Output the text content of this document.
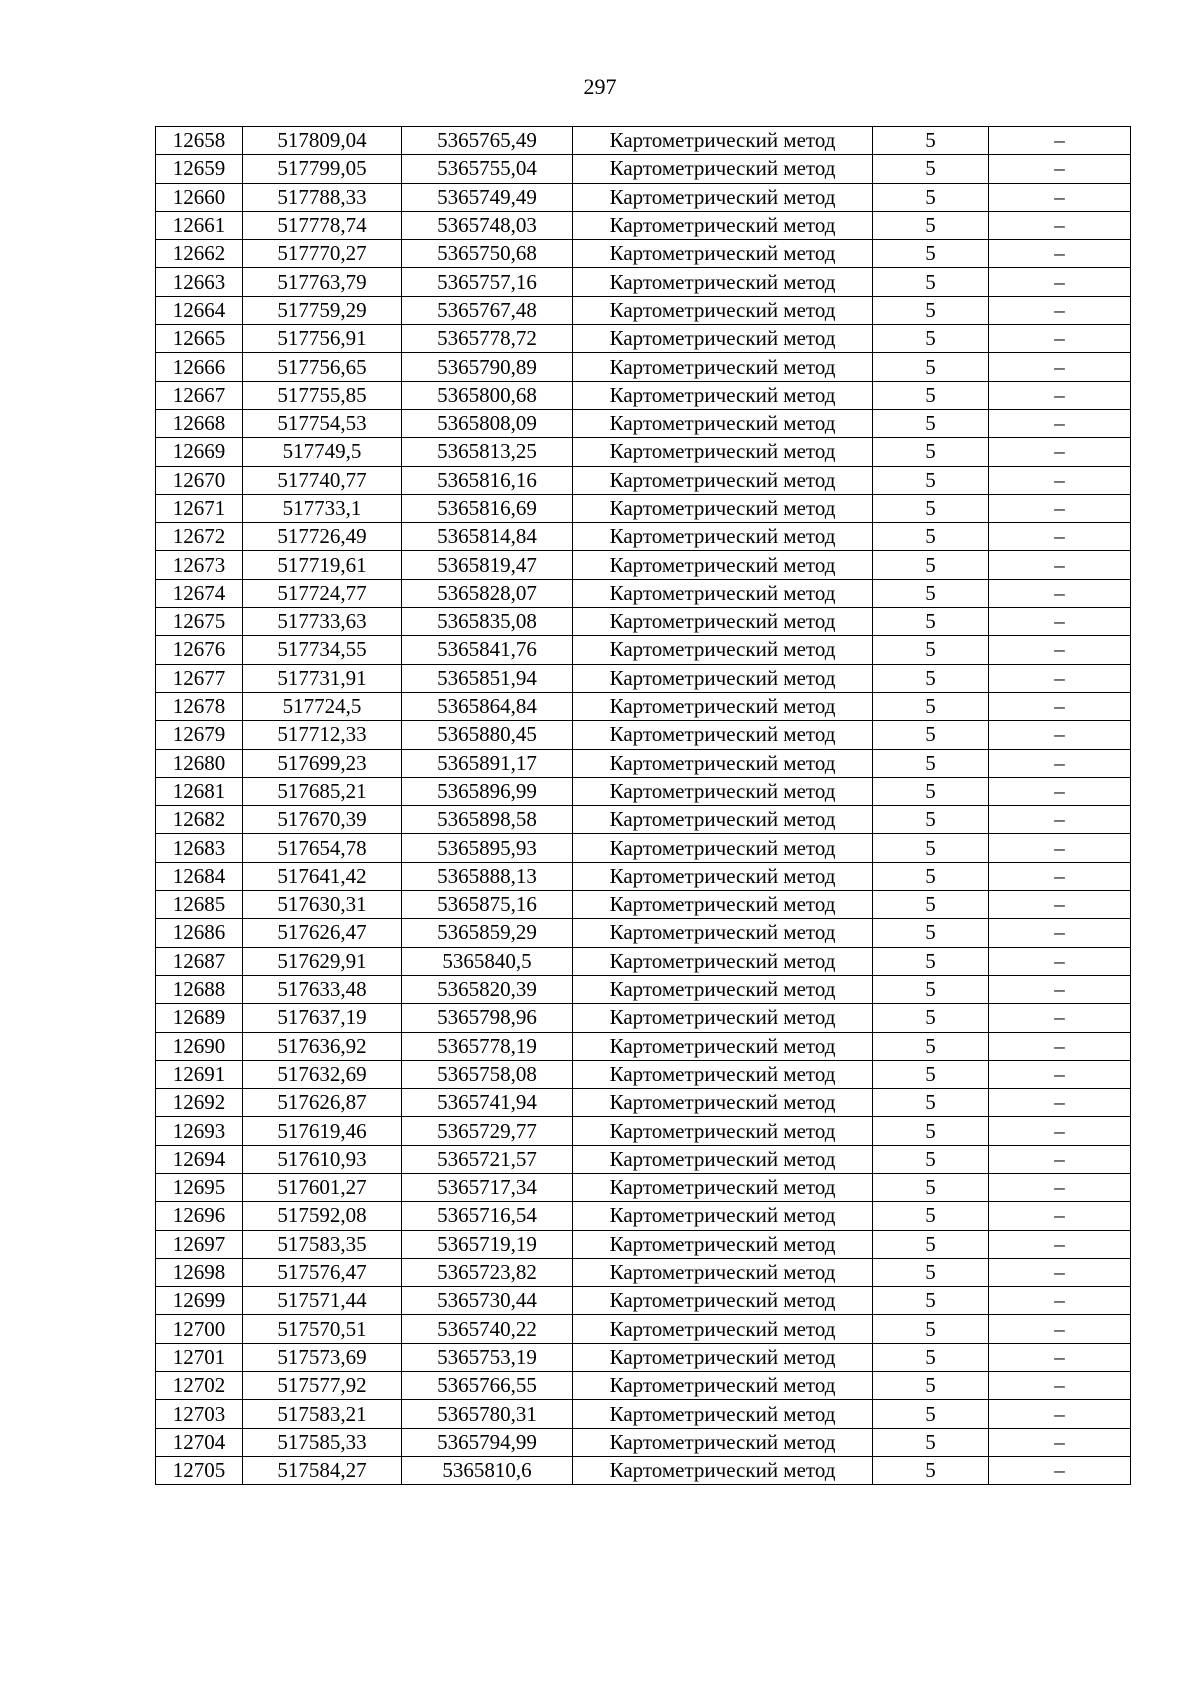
297
12658	517809,04	5365765,49	Картометрический метод	5	–
12659	517799,05	5365755,04	Картометрический метод	5	–
12660	517788,33	5365749,49	Картометрический метод	5	–
12661	517778,74	5365748,03	Картометрический метод	5	–
12662	517770,27	5365750,68	Картометрический метод	5	–
12663	517763,79	5365757,16	Картометрический метод	5	–
12664	517759,29	5365767,48	Картометрический метод	5	–
12665	517756,91	5365778,72	Картометрический метод	5	–
12666	517756,65	5365790,89	Картометрический метод	5	–
12667	517755,85	5365800,68	Картометрический метод	5	–
12668	517754,53	5365808,09	Картометрический метод	5	–
12669	517749,5	5365813,25	Картометрический метод	5	–
12670	517740,77	5365816,16	Картометрический метод	5	–
12671	517733,1	5365816,69	Картометрический метод	5	–
12672	517726,49	5365814,84	Картометрический метод	5	–
12673	517719,61	5365819,47	Картометрический метод	5	–
12674	517724,77	5365828,07	Картометрический метод	5	–
12675	517733,63	5365835,08	Картометрический метод	5	–
12676	517734,55	5365841,76	Картометрический метод	5	–
12677	517731,91	5365851,94	Картометрический метод	5	–
12678	517724,5	5365864,84	Картометрический метод	5	–
12679	517712,33	5365880,45	Картометрический метод	5	–
12680	517699,23	5365891,17	Картометрический метод	5	–
12681	517685,21	5365896,99	Картометрический метод	5	–
12682	517670,39	5365898,58	Картометрический метод	5	–
12683	517654,78	5365895,93	Картометрический метод	5	–
12684	517641,42	5365888,13	Картометрический метод	5	–
12685	517630,31	5365875,16	Картометрический метод	5	–
12686	517626,47	5365859,29	Картометрический метод	5	–
12687	517629,91	5365840,5	Картометрический метод	5	–
12688	517633,48	5365820,39	Картометрический метод	5	–
12689	517637,19	5365798,96	Картометрический метод	5	–
12690	517636,92	5365778,19	Картометрический метод	5	–
12691	517632,69	5365758,08	Картометрический метод	5	–
12692	517626,87	5365741,94	Картометрический метод	5	–
12693	517619,46	5365729,77	Картометрический метод	5	–
12694	517610,93	5365721,57	Картометрический метод	5	–
12695	517601,27	5365717,34	Картометрический метод	5	–
12696	517592,08	5365716,54	Картометрический метод	5	–
12697	517583,35	5365719,19	Картометрический метод	5	–
12698	517576,47	5365723,82	Картометрический метод	5	–
12699	517571,44	5365730,44	Картометрический метод	5	–
12700	517570,51	5365740,22	Картометрический метод	5	–
12701	517573,69	5365753,19	Картометрический метод	5	–
12702	517577,92	5365766,55	Картометрический метод	5	–
12703	517583,21	5365780,31	Картометрический метод	5	–
12704	517585,33	5365794,99	Картометрический метод	5	–
12705	517584,27	5365810,6	Картометрический метод	5	–
